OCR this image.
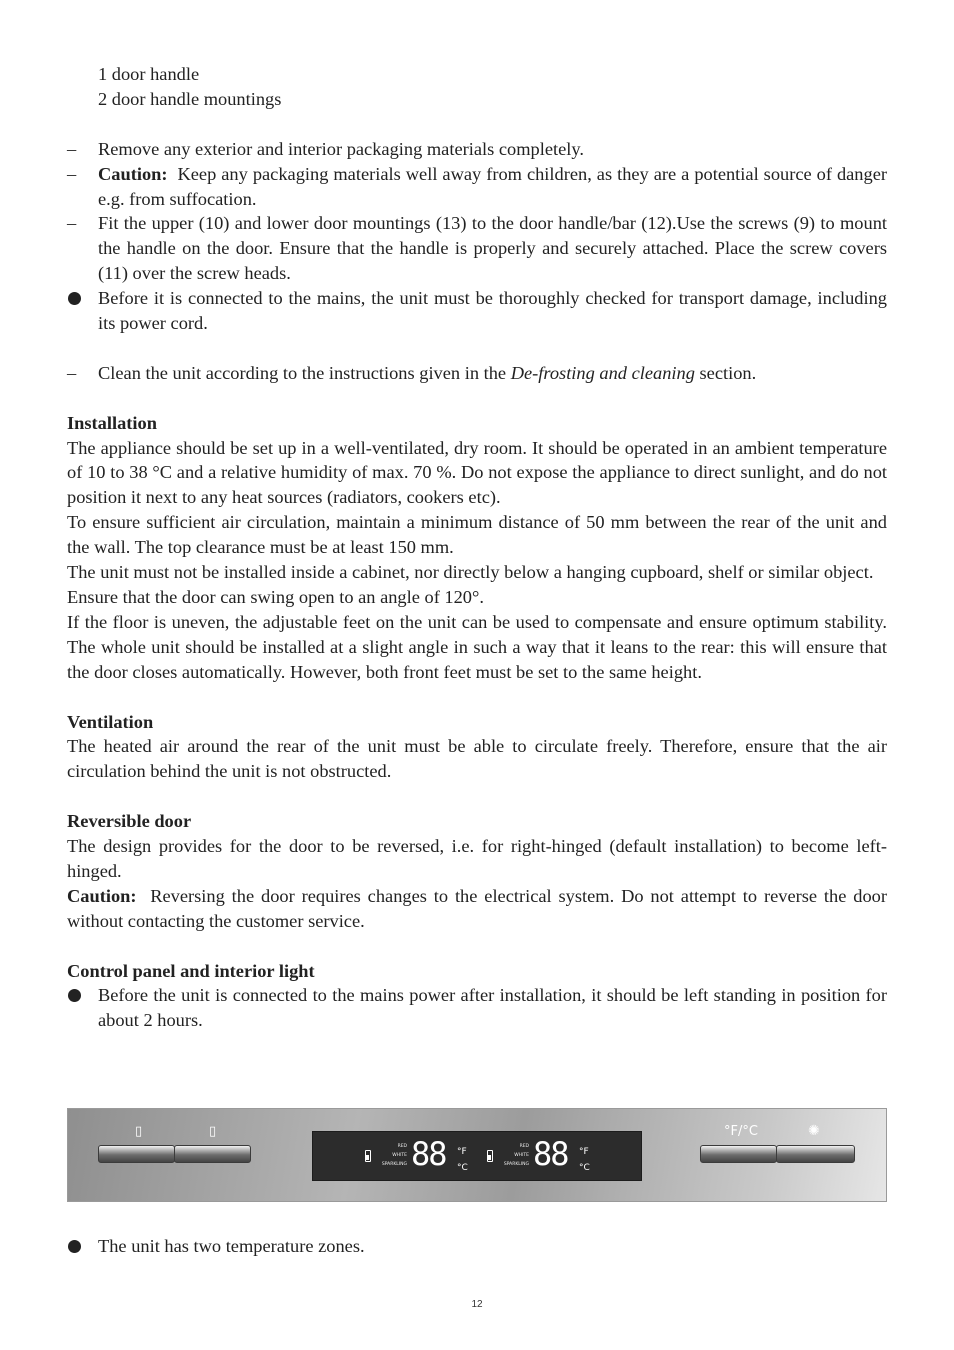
1 door handle

2 door handle mountings

–	Remove any exterior and interior packaging materials completely.
–	Caution: Keep any packaging materials well away from children, as they are a potential source of danger e.g. from suffocation.
–	Fit the upper (10) and lower door mountings (13) to the door handle/bar (12).Use the screws (9) to mount the handle on the door. Ensure that the handle is properly and securely attached. Place the screw covers (11) over the screw heads.
Before it is connected to the mains, the unit must be thoroughly checked for transport damage, including its power cord.
–	Clean the unit according to the instructions given in the De-frosting and cleaning section.
Installation

The appliance should be set up in a well-ventilated, dry room. It should be operated in an ambient temperature of 10 to 38 °C and a relative humidity of max. 70 %. Do not expose the appliance to direct sunlight, and do not position it next to any heat sources (radiators, cookers etc).

To ensure sufficient air circulation, maintain a minimum distance of 50 mm between the rear of the unit and the wall. The top clearance must be at least 150 mm.

The unit must not be installed inside a cabinet, nor directly below a hanging cupboard, shelf or similar object.

Ensure that the door can swing open to an angle of 120°.

If the floor is uneven, the adjustable feet on the unit can be used to compensate and ensure optimum stability. The whole unit should be installed at a slight angle in such a way that it leans to the rear: this will ensure that the door closes automatically. However, both front feet must be set to the same height.

Ventilation

The heated air around the rear of the unit must be able to circulate freely. Therefore, ensure that the air circulation behind the unit is not obstructed.

Reversible door

The design provides for the door to be reversed, i.e. for right-hinged (default installation) to become left-hinged.

Caution: Reversing the door requires changes to the electrical system. Do not attempt to reverse the door without contacting the customer service.

Control panel and interior light
Before the unit is connected to the mains power after installation, it should be left standing in position for about 2 hours.
▯	▯
RED
WHITE
SPARKLING 88 °F
°C
RED
WHITE
SPARKLING 88 °F
°C
°F/°C	✺
The unit has two temperature zones.
12
